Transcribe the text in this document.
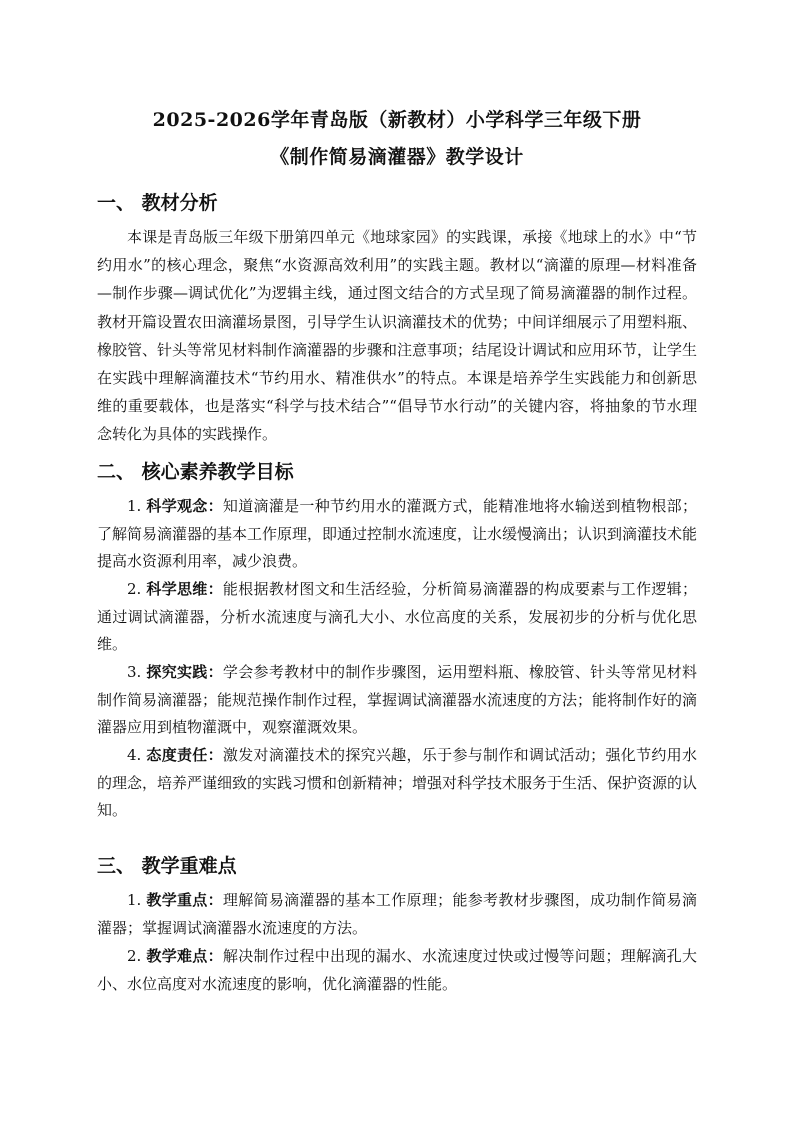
2025-2026学年青岛版（新教材）小学科学三年级下册
《制作简易滴灌器》教学设计
一、 教材分析

本课是青岛版三年级下册第四单元《地球家园》的实践课，承接《地球上的水》中“节约用水”的核心理念，聚焦“水资源高效利用”的实践主题。教材以“滴灌的原理—材料准备—制作步骤—调试优化”为逻辑主线，通过图文结合的方式呈现了简易滴灌器的制作过程。教材开篇设置农田滴灌场景图，引导学生认识滴灌技术的优势；中间详细展示了用塑料瓶、橡胶管、针头等常见材料制作滴灌器的步骤和注意事项；结尾设计调试和应用环节，让学生在实践中理解滴灌技术“节约用水、精准供水”的特点。本课是培养学生实践能力和创新思维的重要载体，也是落实“科学与技术结合”“倡导节水行动”的关键内容，将抽象的节水理念转化为具体的实践操作。

二、 核心素养教学目标

1. 科学观念：知道滴灌是一种节约用水的灌溉方式，能精准地将水输送到植物根部；了解简易滴灌器的基本工作原理，即通过控制水流速度，让水缓慢滴出；认识到滴灌技术能提高水资源利用率，减少浪费。

2. 科学思维：能根据教材图文和生活经验，分析简易滴灌器的构成要素与工作逻辑；通过调试滴灌器，分析水流速度与滴孔大小、水位高度的关系，发展初步的分析与优化思维。

3. 探究实践：学会参考教材中的制作步骤图，运用塑料瓶、橡胶管、针头等常见材料制作简易滴灌器；能规范操作制作过程，掌握调试滴灌器水流速度的方法；能将制作好的滴灌器应用到植物灌溉中，观察灌溉效果。

4. 态度责任：激发对滴灌技术的探究兴趣，乐于参与制作和调试活动；强化节约用水的理念，培养严谨细致的实践习惯和创新精神；增强对科学技术服务于生活、保护资源的认知。

三、 教学重难点

1. 教学重点：理解简易滴灌器的基本工作原理；能参考教材步骤图，成功制作简易滴灌器；掌握调试滴灌器水流速度的方法。

2. 教学难点：解决制作过程中出现的漏水、水流速度过快或过慢等问题；理解滴孔大小、水位高度对水流速度的影响，优化滴灌器的性能。
